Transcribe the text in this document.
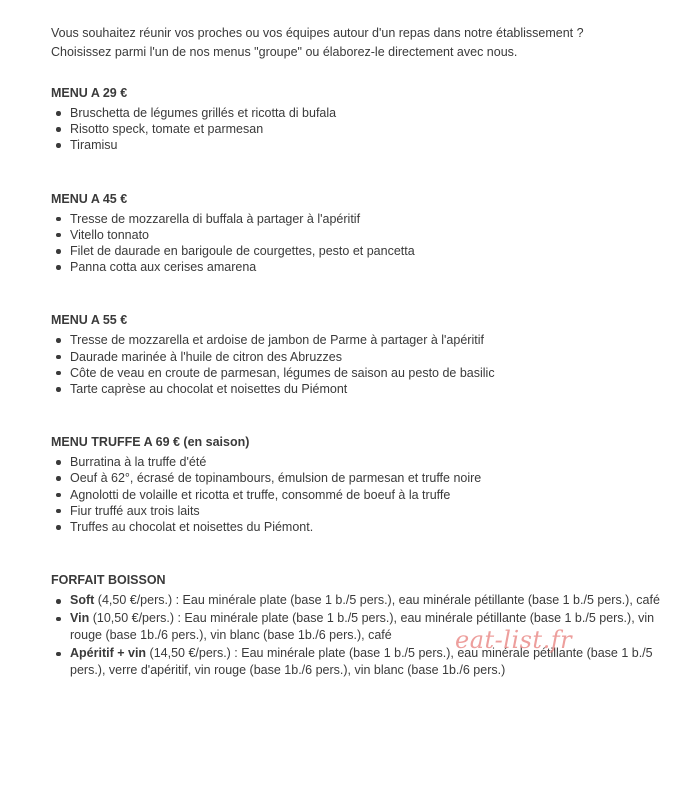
Vous souhaitez réunir vos proches ou vos équipes autour d'un repas dans notre établissement ?

Choisissez parmi l'un de nos menus "groupe" ou élaborez-le directement avec nous.

MENU A 29 €

Bruschetta de légumes grillés et ricotta di bufala
Risotto speck, tomate et parmesan
Tiramisu

MENU A 45 €

Tresse de mozzarella di buffala à partager à l'apéritif
Vitello tonnato
Filet de daurade en barigoule de courgettes, pesto et pancetta
Panna cotta aux cerises amarena

MENU A 55 €

Tresse de mozzarella et ardoise de jambon de Parme à partager à l'apéritif
Daurade marinée à l'huile de citron des Abruzzes
Côte de veau en croute de parmesan, légumes de saison au pesto de basilic
Tarte caprèse au chocolat et noisettes du Piémont

MENU TRUFFE A 69 € (en saison)

Burratina à la truffe d'été
Oeuf à 62°, écrasé de topinambours, émulsion de parmesan et truffe noire
Agnolotti de volaille et ricotta et truffe, consommé de boeuf à la truffe
Fiur truffé aux trois laits
Truffes au chocolat et noisettes du Piémont.

FORFAIT BOISSON

Soft (4,50 €/pers.) : Eau minérale plate (base 1 b./5 pers.), eau minérale pétillante (base 1 b./5 pers.), café
Vin (10,50 €/pers.) : Eau minérale plate (base 1 b./5 pers.), eau minérale pétillante (base 1 b./5 pers.), vin rouge (base 1b./6 pers.), vin blanc (base 1b./6 pers.), café
Apéritif + vin (14,50 €/pers.) : Eau minérale plate (base 1 b./5 pers.), eau minérale pétillante (base 1 b./5 pers.), verre d'apéritif, vin rouge (base 1b./6 pers.), vin blanc (base 1b./6 pers.)
eat-list.fr
